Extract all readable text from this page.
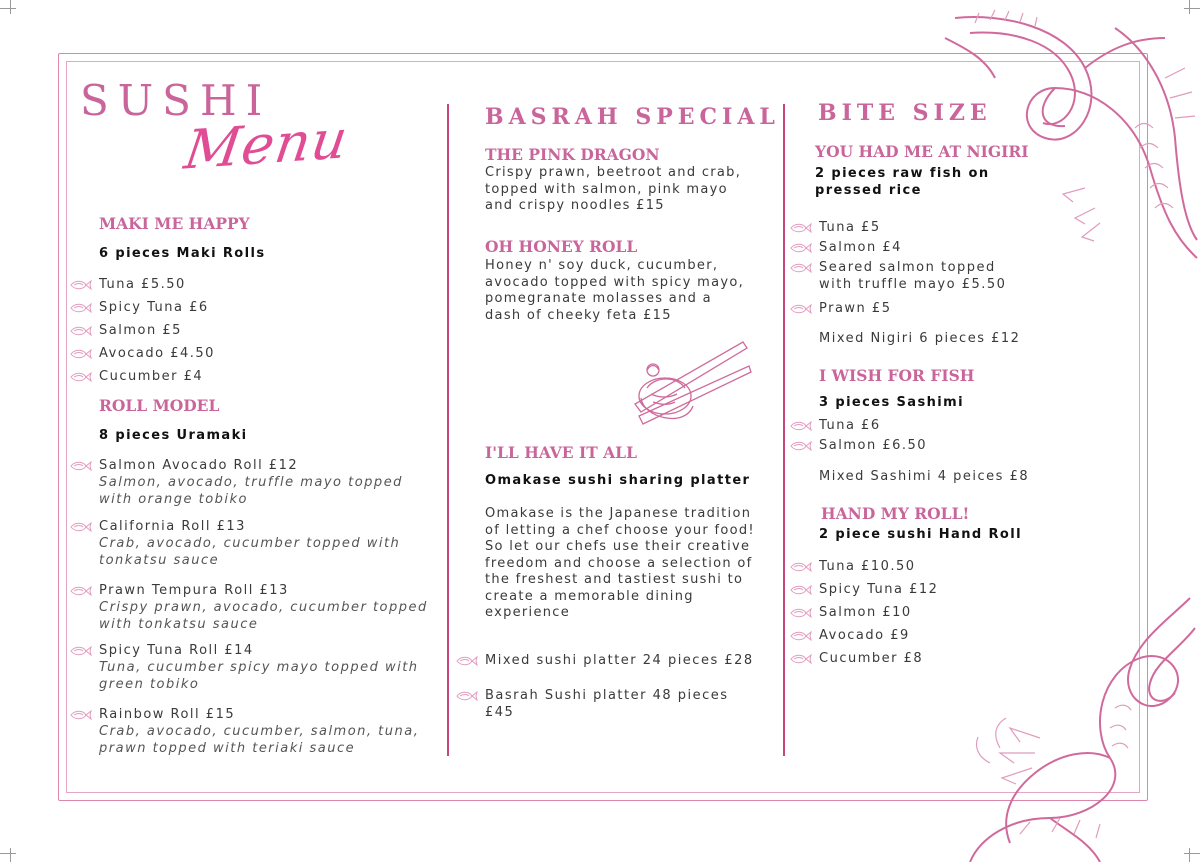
SUSHI
Menu
MAKI ME HAPPY
6 pieces Maki Rolls
Tuna £5.50
Spicy Tuna £6
Salmon £5
Avocado £4.50
Cucumber £4
ROLL MODEL
8 pieces Uramaki
Salmon Avocado Roll £12
Salmon, avocado, truffle mayo topped with orange tobiko
California Roll £13
Crab, avocado, cucumber topped with tonkatsu sauce
Prawn Tempura Roll £13
Crispy prawn, avocado, cucumber topped with tonkatsu sauce
Spicy Tuna Roll £14
Tuna, cucumber spicy mayo topped with green tobiko
Rainbow Roll £15
Crab, avocado, cucumber, salmon, tuna, prawn topped with teriaki sauce
BASRAH SPECIAL
THE PINK DRAGON

Crispy prawn, beetroot and crab, topped with salmon, pink mayo and crispy noodles £15

OH HONEY ROLL

Honey n' soy duck, cucumber, avocado topped with spicy mayo, pomegranate molasses and a dash of cheeky feta £15

I'LL HAVE IT ALL
Omakase sushi sharing platter

Omakase is the Japanese tradition of letting a chef choose your food! So let our chefs use their creative freedom and choose a selection of the freshest and tastiest sushi to create a memorable dining experience

Mixed sushi platter 24 pieces £28
Basrah Sushi platter 48 pieces £45
BITE SIZE
YOU HAD ME AT NIGIRI
2 pieces raw fish on pressed rice
Tuna £5
Salmon £4
Seared salmon topped with truffle mayo £5.50
Prawn £5
Mixed Nigiri 6 pieces £12
I WISH FOR FISH
3 pieces Sashimi
Tuna £6
Salmon £6.50
Mixed Sashimi 4 peices £8
HAND MY ROLL!
2 piece sushi Hand Roll
Tuna £10.50
Spicy Tuna £12
Salmon £10
Avocado £9
Cucumber £8
